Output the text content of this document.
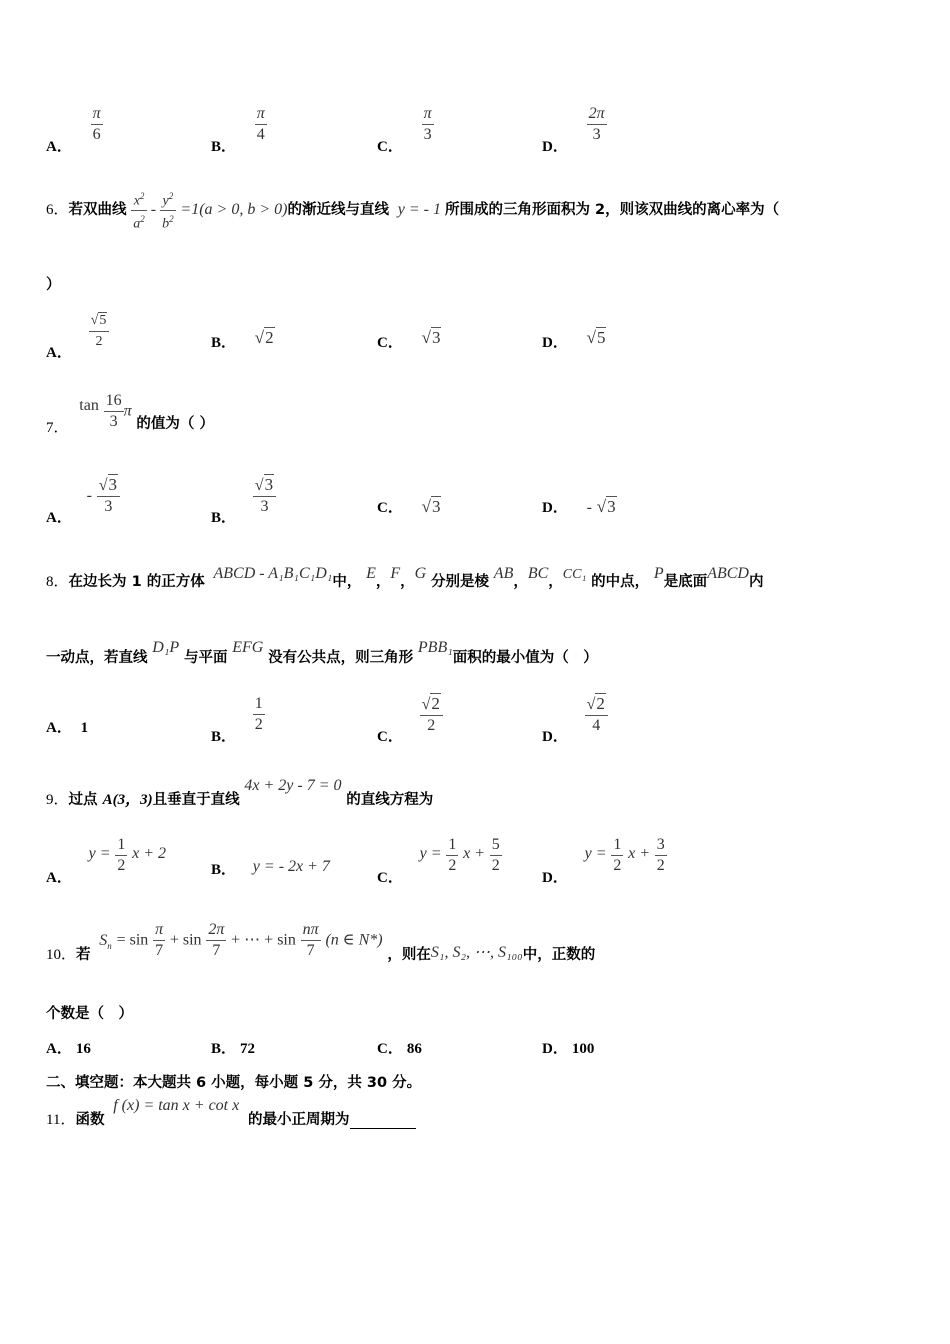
A．
$\frac{\pi}{6}$
B．
$\frac{\pi}{4}$
C．
$\frac{\pi}{3}$
D．
$\frac{2\pi}{3}$
6．若双曲线 $\frac{x^2}{a^2} - \frac{y^2}{b^2} =1(a > 0$, b > 0)的渐近线与直线 y = - 1 所围成的三角形面积为 2，则该双曲线的离心率为（
）
A．
$\frac{√5}{2}$	B． √2	C． √3	D． √5
7． $\tan \frac{16}{3}$ π 的值为（ ）
A． - $\frac{√3}{3}$
B．
$\frac{√3}{3}$	C． √3	D． - √3
8．在边长为 1 的正方体 ABCD - A₁B₁C₁D₁中， E，F，G 分别是棱 AB，BC，CC₁ 的中点， P是底面ABCD内
一动点，若直线 D₁P 与平面 EFG 没有公共点，则三角形 PBB₁面积的最小值为（　）
A． 1
B．
$\frac{1}{2}$
C．
$\frac{√2}{2}$
D．
$\frac{√2}{4}$
9．过点 A(3，3)且垂直于直线 4x + 2y - 7 = 0 的直线方程为
A． $y = \frac{1}{2}$ x + 2
B． y = - 2x + 7
C． $y = \frac{1}{2}$ $x + \frac{5}{2}$
D． $y = \frac{1}{2}$ $x + \frac{3}{2}$
10．若 $S_n = \sin \frac{\pi}{7} + \sin \frac{2\pi}{7}$ + ⋯ + $\sin \frac{n\pi}{7} (n$ ∈ N*) ，则在S₁, S₂, ⋯, S₁₀₀中，正数的
个数是（　）
A． 16	B． 72	C． 86	D． 100
二、填空题：本大题共 6 小题，每小题 5 分，共 30 分。
11．函数 f (x) = tan x + cot x 的最小正周期为
